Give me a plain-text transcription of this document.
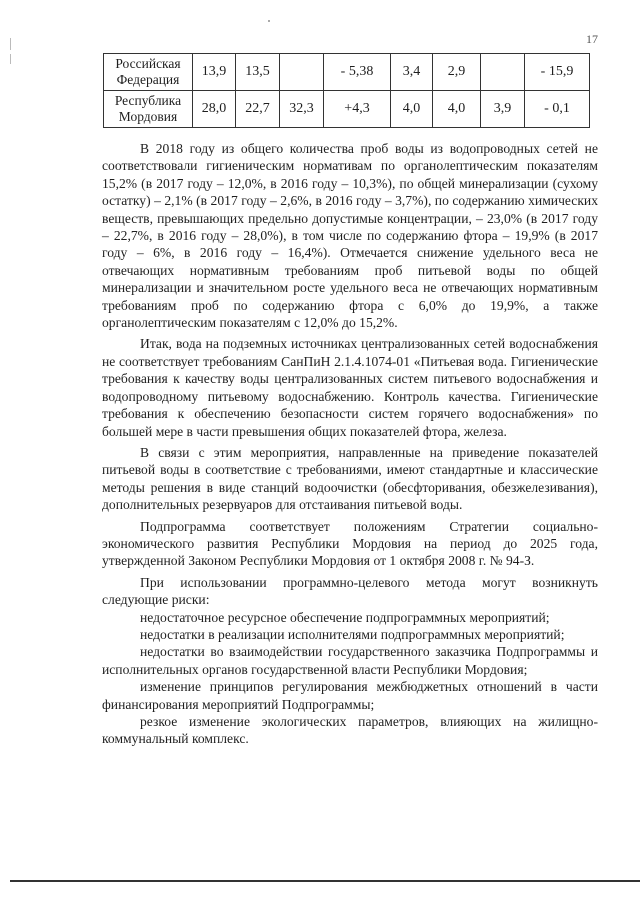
17
Российская Федерация	13,9	13,5		- 5,38	3,4	2,9		- 15,9
Республика Мордовия	28,0	22,7	32,3	+4,3	4,0	4,0	3,9	- 0,1

В 2018 году из общего количества проб воды из водопроводных сетей не соответствовали гигиеническим нормативам по органолептическим показателям 15,2% (в 2017 году – 12,0%, в 2016 году – 10,3%), по общей минерализации (сухому остатку) – 2,1% (в 2017 году – 2,6%, в 2016 году – 3,7%), по содержанию химических веществ, превышающих предельно допустимые концентрации, – 23,0% (в 2017 году – 22,7%, в 2016 году – 28,0%), в том числе по содержанию фтора – 19,9% (в 2017 году – 6%, в 2016 году – 16,4%). Отмечается снижение удельного веса не отвечающих нормативным требованиям проб питьевой воды по общей минерализации и значительном росте удельного веса не отвечающих нормативным требованиям проб по содержанию фтора с 6,0% до 19,9%, а также органолептическим показателям с 12,0% до 15,2%.

Итак, вода на подземных источниках централизованных сетей водоснабжения не соответствует требованиям СанПиН 2.1.4.1074-01 «Питьевая вода. Гигиенические требования к качеству воды централизованных систем питьевого водоснабжения и водопроводному питьевому водоснабжению. Контроль качества. Гигиенические требования к обеспечению безопасности систем горячего водоснабжения» по большей мере в части превышения общих показателей фтора, железа.

В связи с этим мероприятия, направленные на приведение показателей питьевой воды в соответствие с требованиями, имеют стандартные и классические методы решения в виде станций водоочистки (обесфторивания, обезжелезивания), дополнительных резервуаров для отстаивания питьевой воды.

Подпрограмма соответствует положениям Стратегии социально-экономического развития Республики Мордовия на период до 2025 года, утвержденной Законом Республики Мордовия от 1 октября 2008 г. № 94-З.

При использовании программно-целевого метода могут возникнуть следующие риски:

недостаточное ресурсное обеспечение подпрограммных мероприятий;

недостатки в реализации исполнителями подпрограммных мероприятий;

недостатки во взаимодействии государственного заказчика Подпрограммы и исполнительных органов государственной власти Республики Мордовия;

изменение принципов регулирования межбюджетных отношений в части финансирования мероприятий Подпрограммы;

резкое изменение экологических параметров, влияющих на жилищно-коммунальный комплекс.
